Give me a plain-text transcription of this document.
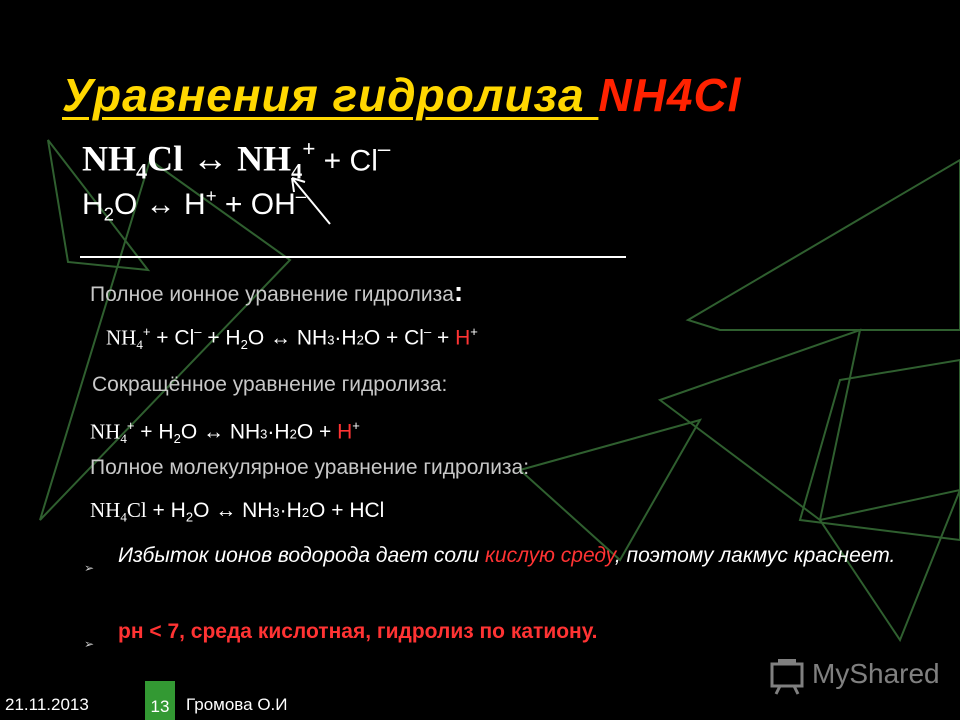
Уравнения гидролиза NH4Cl
$NH_4Cl$ ↔ $NH_4^+ + Cl^-$
$H_2O$ ↔ H+ + OH–
Полное ионное уравнение гидролиза:
$NH_4^+ + Cl^- + H_2O$ ↔ NH3·H2O + Cl– + H+
Сокращённое уравнение гидролиза:
$NH_4^+ + H_2O$ ↔ NH3·H2O + H+
Полное молекулярное уравнение гидролиза:
$NH_4Cl + H_2O$ ↔ NH3·H2O + HCl
➢
Избыток ионов водорода дает соли кислую среду, поэтому лакмус краснеет.
➢
рн < 7, среда кислотная, гидролиз по катиону.
21.11.2013	13 Громова О.И
MyShared
